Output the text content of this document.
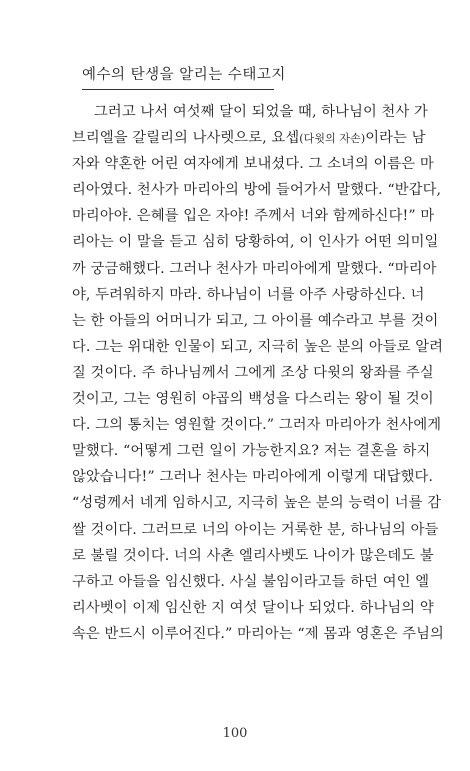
예수의 탄생을 알리는 수태고지
그러고 나서 여섯째 달이 되었을 때, 하나님이 천사 가
브리엘을 갈릴리의 나사렛으로, 요셉(다윗의 자손)이라는 남
자와 약혼한 어린 여자에게 보내셨다. 그 소녀의 이름은 마
리아였다. 천사가 마리아의 방에 들어가서 말했다. “반갑다,
마리아야. 은혜를 입은 자야! 주께서 너와 함께하신다!” 마
리아는 이 말을 듣고 심히 당황하여, 이 인사가 어떤 의미일
까 궁금해했다. 그러나 천사가 마리아에게 말했다. “마리아
야, 두려워하지 마라. 하나님이 너를 아주 사랑하신다. 너
는 한 아들의 어머니가 되고, 그 아이를 예수라고 부를 것이
다. 그는 위대한 인물이 되고, 지극히 높은 분의 아들로 알려
질 것이다. 주 하나님께서 그에게 조상 다윗의 왕좌를 주실
것이고, 그는 영원히 야곱의 백성을 다스리는 왕이 될 것이
다. 그의 통치는 영원할 것이다.” 그러자 마리아가 천사에게
말했다. “어떻게 그런 일이 가능한지요? 저는 결혼을 하지
않았습니다!” 그러나 천사는 마리아에게 이렇게 대답했다.
“성령께서 네게 임하시고, 지극히 높은 분의 능력이 너를 감
쌀 것이다. 그러므로 너의 아이는 거룩한 분, 하나님의 아들
로 불릴 것이다. 너의 사촌 엘리사벳도 나이가 많은데도 불
구하고 아들을 임신했다. 사실 불임이라고들 하던 여인 엘
리사벳이 이제 임신한 지 여섯 달이나 되었다. 하나님의 약
속은 반드시 이루어진다.” 마리아는 “제 몸과 영혼은 주님의
100
